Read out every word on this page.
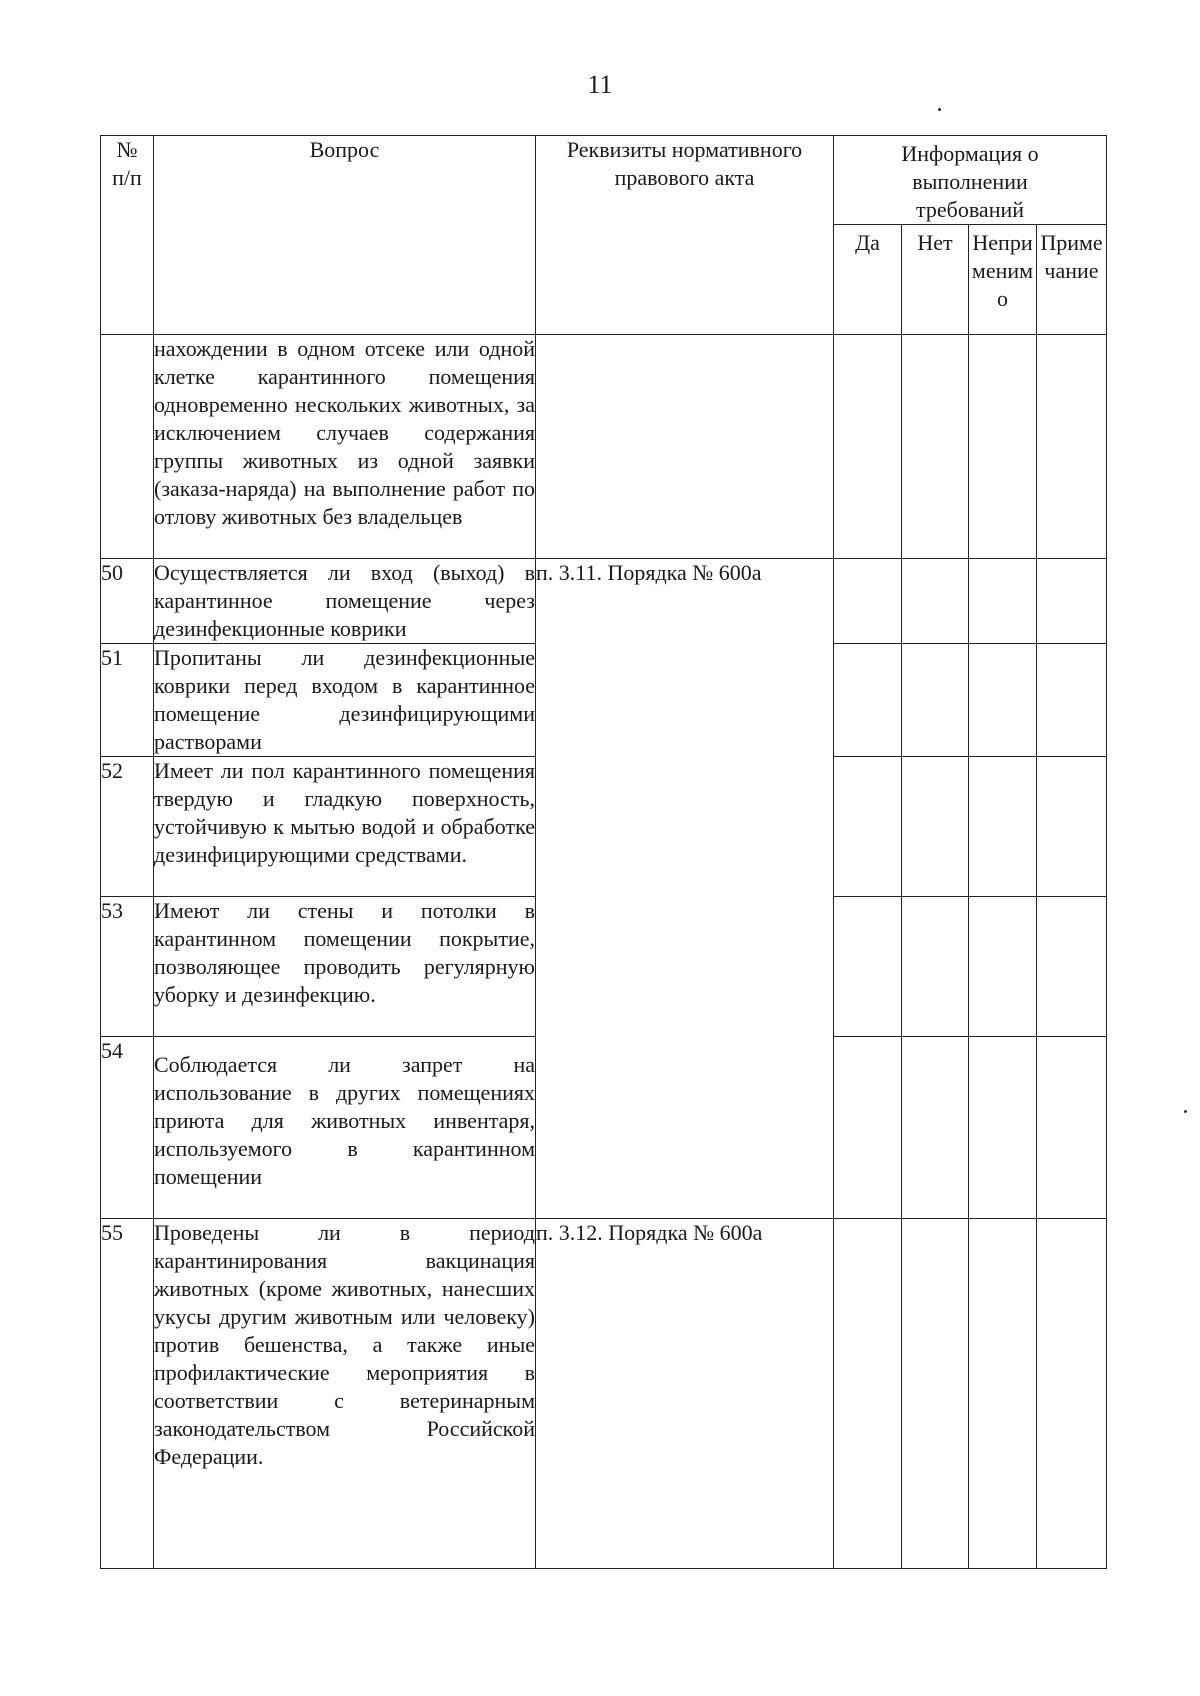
11
№ п/п	Вопрос	Реквизиты нормативного правового акта	Информация о выполнении требований			

			Да	Нет	Неприменимо	Примечание

	нахождении в одном отсеке или одной клетке карантинного помещения одновременно нескольких животных, за исключением случаев содержания группы животных из одной заявки (заказа-наряда) на выполнение работ по отлову животных без владельцев					
50	Осуществляется ли вход (выход) в карантинное помещение через дезинфекционные коврики	п. 3.11. Порядка № 600а				
51	Пропитаны ли дезинфекционные коврики перед входом в карантинное помещение дезинфицирующими растворами					
52	Имеет ли пол карантинного помещения твердую и гладкую поверхность, устойчивую к мытью водой и обработке дезинфицирующими средствами.					
53	Имеют ли стены и потолки в карантинном помещении покрытие, позволяющее проводить регулярную уборку и дезинфекцию.					
54	Соблюдается ли запрет на использование в других помещениях приюта для животных инвентаря, используемого в карантинном помещении					
55	Проведены ли в период карантинирования вакцинация животных (кроме животных, нанесших укусы другим животным или человеку) против бешенства, а также иные профилактические мероприятия в соответствии с ветеринарным законодательством Российской Федерации.	п. 3.12. Порядка № 600а				
